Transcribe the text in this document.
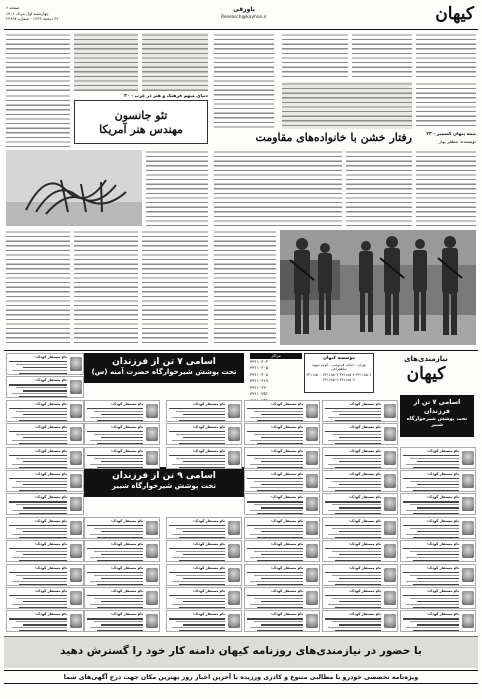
کیهان
پاورقی
Research@kayhan.ir
صفحه ۶
چهارشنبه اول مرداد ۱۴۰۱
۲۲ ذیحجه ۱۴۴۳ - شماره ۲۲۹۹۴
نیمه پنهان کشمیر - ۲۳
نویسنده: مظفر بهار
رفتار خشن با خانواده‌های مقاومت
دنیای مبهم فرهنگ و هنر در غرب - ۳۰
تئو جانسون
مهندس هنر آمریکا
اسامی ۷ تن از فرزندان
تحت پوشش شیرخوارگاه حضرت آمنه (س)
مراکز
۳۳۱۱۰۲۰۲
۳۳۱۱۰۲۰۵
۳۳۱۱۰۲۰۸
۳۳۱۱۰۲۱۹
۳۳۱۱۰۲۲۰
۳۳۱۱۰۲۵۱
مؤسسه کیهان
تهران - خیابان فردوسی - کوچه شهید شاهچراغی
۳۳۱۱۸۵۰۰ ۳۳۱۱۸۵۰۳ ۳۳۱۱۸۵۰۴ ۳۳۱۱۸۵۰۶ ۳۳۱۱۸۵۰۹ ۳۳۱۱۸۵۰۲
نیازمندی‌های
کیهان
اسامی ۷ تن از فرزندان
تحت پوشش شیرخوارگاه شبیر
اسامی ۹ تن از فرزندان
تحت پوشش شیرخوارگاه شبیر
نام مستعار کودک:
نام مستعار کودک:
نام مستعار کودک:
نام مستعار کودک:
نام مستعار کودک:
نام مستعار کودک:
نام مستعار کودک:
نام مستعار کودک:
نام مستعار کودک:
نام مستعار کودک:
نام مستعار کودک:
نام مستعار کودک:
نام مستعار کودک:
نام مستعار کودک:
نام مستعار کودک:
نام مستعار کودک:
نام مستعار کودک:
نام مستعار کودک:
نام مستعار کودک:
نام مستعار کودک:
نام مستعار کودک:
نام مستعار کودک:
نام مستعار کودک:
نام مستعار کودک:
نام مستعار کودک:
نام مستعار کودک:
نام مستعار کودک:
نام مستعار کودک:
نام مستعار کودک:
نام مستعار کودک:
نام مستعار کودک:
نام مستعار کودک:
نام مستعار کودک:
نام مستعار کودک:
نام مستعار کودک:
نام مستعار کودک:
نام مستعار کودک:
نام مستعار کودک:
نام مستعار کودک:
نام مستعار کودک:
نام مستعار کودک:
نام مستعار کودک:
نام مستعار کودک:
نام مستعار کودک:
نام مستعار کودک:
نام مستعار کودک:
نام مستعار کودک:
نام مستعار کودک:
نام مستعار کودک:
نام مستعار کودک:
نام مستعار کودک:
نام مستعار کودک:
نام مستعار کودک:
نام مستعار کودک:
نام مستعار کودک:
نام مستعار کودک:
با حضور در نیازمندی‌های روزنامه کیهان دامنه کار خود را گسترش دهید
ویژه‌نامه تخصصی خودرو با مطالبی متنوع و کادری ورزیده با آخرین اخبار روز بهترین مکان جهت درج آگهی‌های شما
